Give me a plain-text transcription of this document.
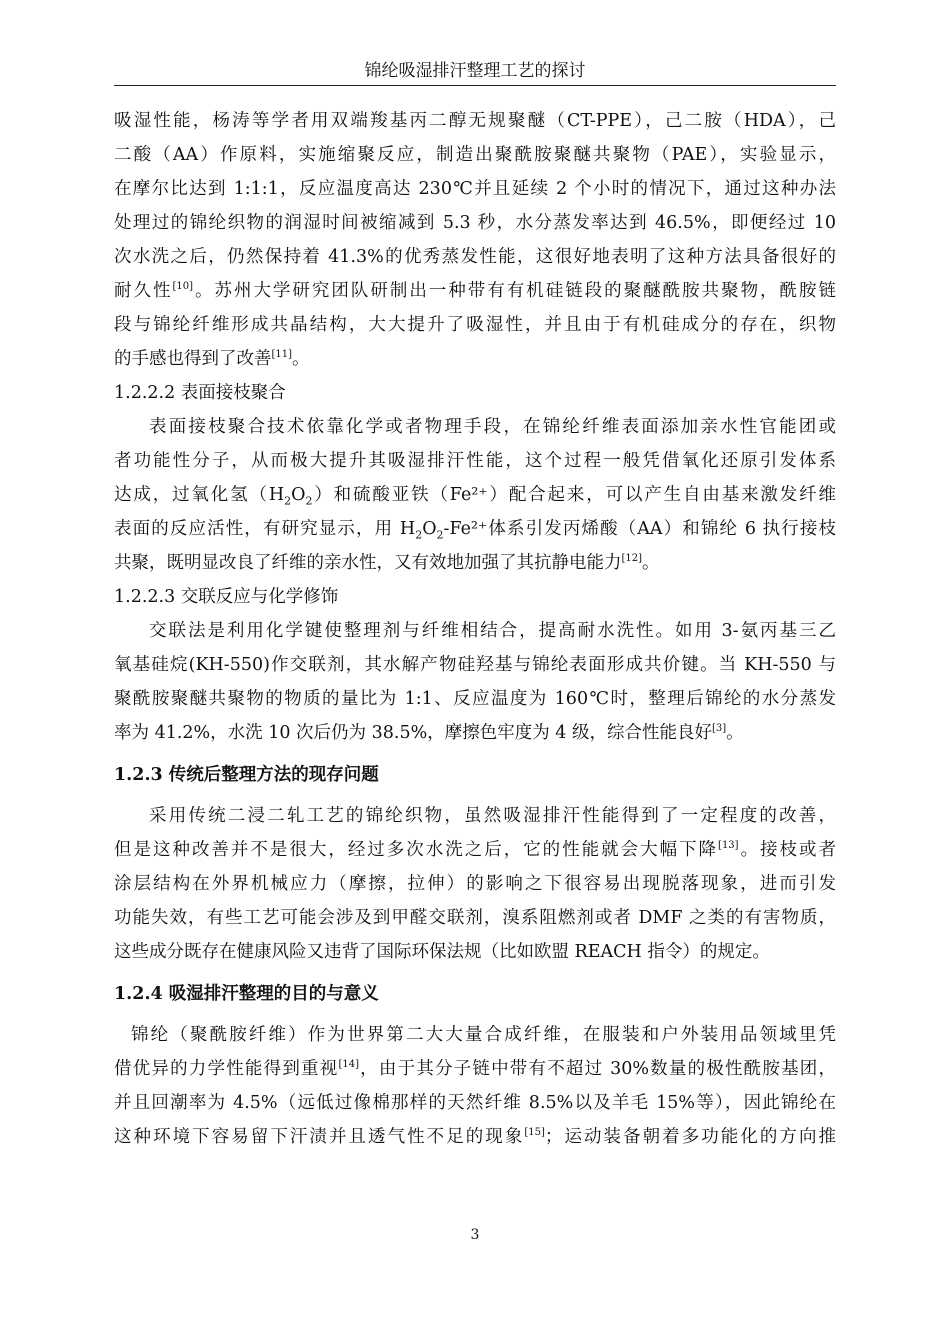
锦纶吸湿排汗整理工艺的探讨
吸湿性能，杨涛等学者用双端羧基丙二醇无规聚醚（CT-PPE），己二胺（HDA），己
二酸（AA）作原料，实施缩聚反应，制造出聚酰胺聚醚共聚物（PAE），实验显示，
在摩尔比达到 1:1:1，反应温度高达 230℃并且延续 2 个小时的情况下，通过这种办法
处理过的锦纶织物的润湿时间被缩减到 5.3 秒，水分蒸发率达到 46.5%，即便经过 10
次水洗之后，仍然保持着 41.3%的优秀蒸发性能，这很好地表明了这种方法具备很好的
耐久性[10]。苏州大学研究团队研制出一种带有有机硅链段的聚醚酰胺共聚物，酰胺链
段与锦纶纤维形成共晶结构，大大提升了吸湿性，并且由于有机硅成分的存在，织物
的手感也得到了改善[11]。
1.2.2.2 表面接枝聚合
表面接枝聚合技术依靠化学或者物理手段，在锦纶纤维表面添加亲水性官能团或
者功能性分子，从而极大提升其吸湿排汗性能，这个过程一般凭借氧化还原引发体系
达成，过氧化氢$(H_2O_2)$和硫酸亚铁（Fe²⁺）配合起来，可以产生自由基来激发纤维
表面的反应活性，有研究显示，用 $H_2O_2-Fe^{2+}$体系引发丙烯酸（AA）和锦纶 6 执行接枝
共聚，既明显改良了纤维的亲水性，又有效地加强了其抗静电能力[12]。
1.2.2.3 交联反应与化学修饰
交联法是利用化学键使整理剂与纤维相结合，提高耐水洗性。如用 3-氨丙基三乙
氧基硅烷(KH-550)作交联剂，其水解产物硅羟基与锦纶表面形成共价键。当 KH-550 与
聚酰胺聚醚共聚物的物质的量比为 1:1、反应温度为 160℃时，整理后锦纶的水分蒸发
率为 41.2%，水洗 10 次后仍为 38.5%，摩擦色牢度为 4 级，综合性能良好[3]。
1.2.3 传统后整理方法的现存问题
采用传统二浸二轧工艺的锦纶织物，虽然吸湿排汗性能得到了一定程度的改善，
但是这种改善并不是很大，经过多次水洗之后，它的性能就会大幅下降[13]。接枝或者
涂层结构在外界机械应力（摩擦，拉伸）的影响之下很容易出现脱落现象，进而引发
功能失效，有些工艺可能会涉及到甲醛交联剂，溴系阻燃剂或者 DMF 之类的有害物质，
这些成分既存在健康风险又违背了国际环保法规（比如欧盟 REACH 指令）的规定。
1.2.4 吸湿排汗整理的目的与意义
锦纶（聚酰胺纤维）作为世界第二大大量合成纤维，在服装和户外装用品领域里凭
借优异的力学性能得到重视[14]，由于其分子链中带有不超过 30%数量的极性酰胺基团，
并且回潮率为 4.5%（远低过像棉那样的天然纤维 8.5%以及羊毛 15%等），因此锦纶在
这种环境下容易留下汗渍并且透气性不足的现象[15]；运动装备朝着多功能化的方向推
3
